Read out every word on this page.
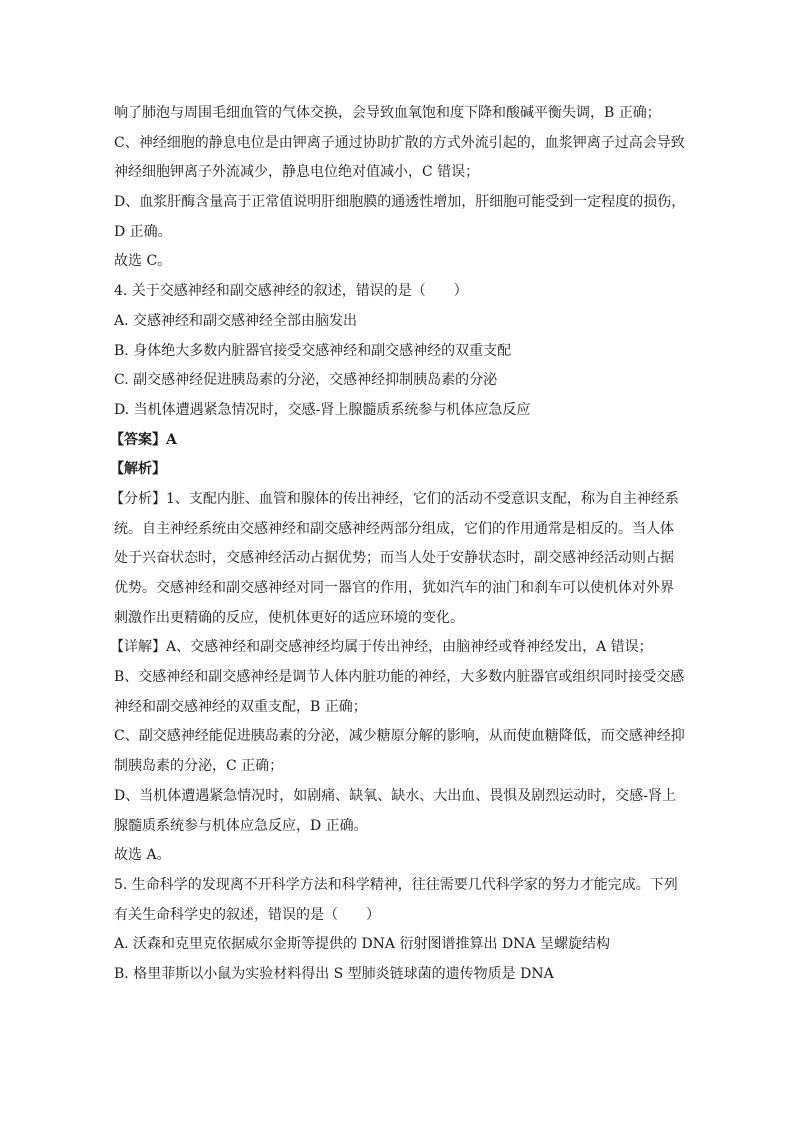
响了肺泡与周围毛细血管的气体交换，会导致血氧饱和度下降和酸碱平衡失调，B 正确；

C、神经细胞的静息电位是由钾离子通过协助扩散的方式外流引起的，血浆钾离子过高会导致

神经细胞钾离子外流减少，静息电位绝对值减小，C 错误；

D、血浆肝酶含量高于正常值说明肝细胞膜的通透性增加，肝细胞可能受到一定程度的损伤，

D 正确。

故选 C。

4. 关于交感神经和副交感神经的叙述，错误的是（　　）

A. 交感神经和副交感神经全部由脑发出

B. 身体绝大多数内脏器官接受交感神经和副交感神经的双重支配

C. 副交感神经促进胰岛素的分泌，交感神经抑制胰岛素的分泌

D. 当机体遭遇紧急情况时，交感-肾上腺髓质系统参与机体应急反应

【答案】A

【解析】

【分析】1、支配内脏、血管和腺体的传出神经，它们的活动不受意识支配，称为自主神经系

统。自主神经系统由交感神经和副交感神经两部分组成，它们的作用通常是相反的。当人体

处于兴奋状态时，交感神经活动占据优势；而当人处于安静状态时，副交感神经活动则占据

优势。交感神经和副交感神经对同一器官的作用，犹如汽车的油门和刹车可以使机体对外界

刺激作出更精确的反应，使机体更好的适应环境的变化。

【详解】A、交感神经和副交感神经均属于传出神经，由脑神经或脊神经发出，A 错误；

B、交感神经和副交感神经是调节人体内脏功能的神经，大多数内脏器官或组织同时接受交感

神经和副交感神经的双重支配，B 正确；

C、副交感神经能促进胰岛素的分泌，减少糖原分解的影响，从而使血糖降低，而交感神经抑

制胰岛素的分泌，C 正确；

D、当机体遭遇紧急情况时，如剧痛、缺氧、缺水、大出血、畏惧及剧烈运动时，交感-肾上

腺髓质系统参与机体应急反应，D 正确。

故选 A。

5. 生命科学的发现离不开科学方法和科学精神，往往需要几代科学家的努力才能完成。下列

有关生命科学史的叙述，错误的是（　　）

A. 沃森和克里克依据威尔金斯等提供的 DNA 衍射图谱推算出 DNA 呈螺旋结构

B. 格里菲斯以小鼠为实验材料得出 S 型肺炎链球菌的遗传物质是 DNA
